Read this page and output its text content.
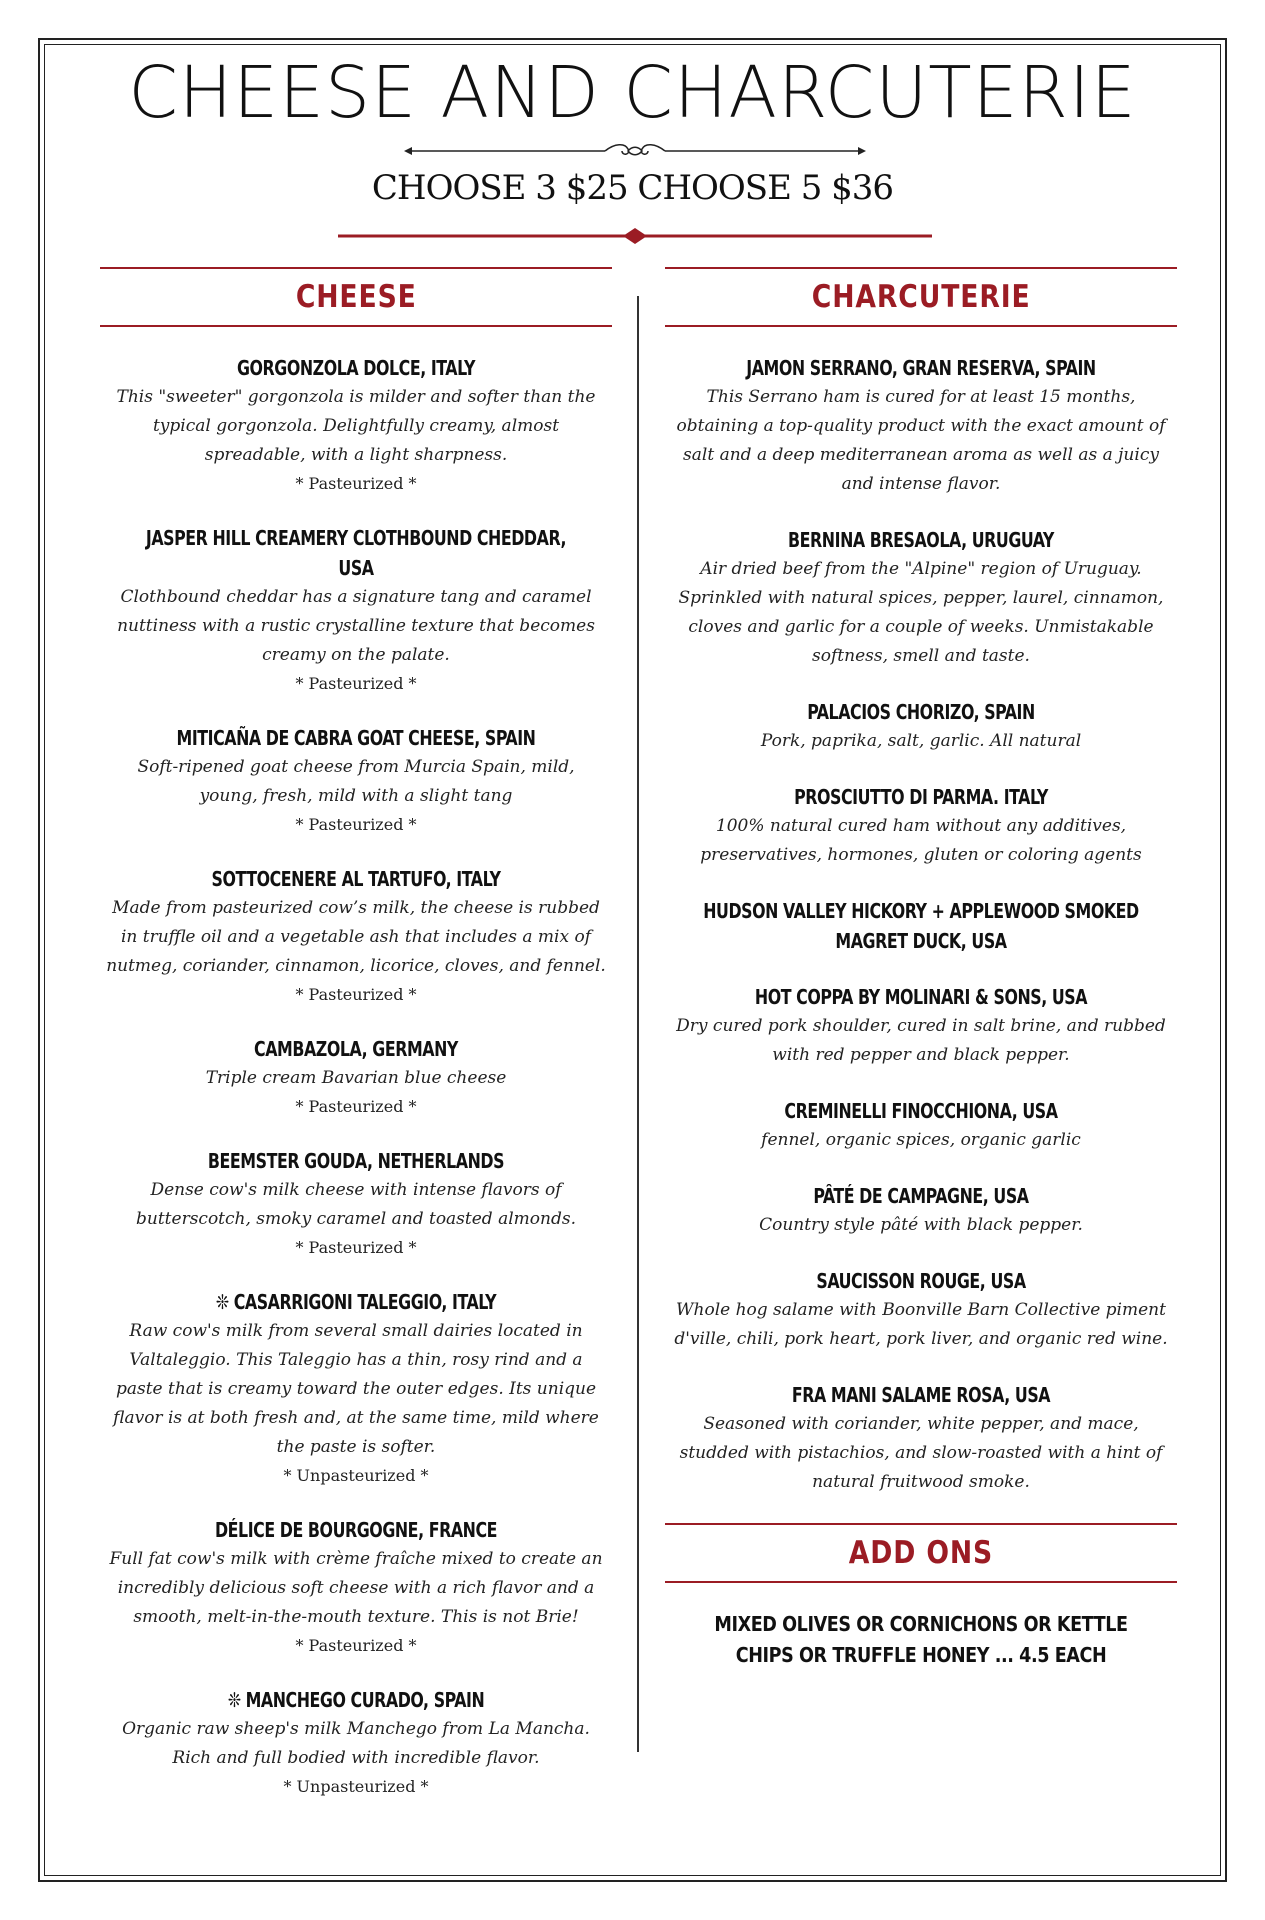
CHEESE AND CHARCUTERIE
CHOOSE 3 $25 CHOOSE 5 $36
CHEESE
GORGONZOLA DOLCE, ITALY
This "sweeter" gorgonzola is milder and softer than the typical gorgonzola. Delightfully creamy, almost spreadable, with a light sharpness.
* Pasteurized *
JASPER HILL CREAMERY CLOTHBOUND CHEDDAR, USA
Clothbound cheddar has a signature tang and caramel nuttiness with a rustic crystalline texture that becomes creamy on the palate.
* Pasteurized *
MITICAÑA DE CABRA GOAT CHEESE, SPAIN
Soft-ripened goat cheese from Murcia Spain, mild, young, fresh, mild with a slight tang
* Pasteurized *
SOTTOCENERE AL TARTUFO, ITALY
Made from pasteurized cow’s milk, the cheese is rubbed in truffle oil and a vegetable ash that includes a mix of nutmeg, coriander, cinnamon, licorice, cloves, and fennel.
* Pasteurized *
CAMBAZOLA, GERMANY
Triple cream Bavarian blue cheese
* Pasteurized *
BEEMSTER GOUDA, NETHERLANDS
Dense cow's milk cheese with intense flavors of butterscotch, smoky caramel and toasted almonds.
* Pasteurized *
❊ CASARRIGONI TALEGGIO, ITALY
Raw cow's milk from several small dairies located in Valtaleggio. This Taleggio has a thin, rosy rind and a paste that is creamy toward the outer edges. Its unique flavor is at both fresh and, at the same time, mild where the paste is softer.
* Unpasteurized *
DÉLICE DE BOURGOGNE, FRANCE
Full fat cow's milk with crème fraîche mixed to create an incredibly delicious soft cheese with a rich flavor and a smooth, melt-in-the-mouth texture. This is not Brie!
* Pasteurized *
❊ MANCHEGO CURADO, SPAIN
Organic raw sheep's milk Manchego from La Mancha. Rich and full bodied with incredible flavor.
* Unpasteurized *
CHARCUTERIE
JAMON SERRANO, GRAN RESERVA, SPAIN
This Serrano ham is cured for at least 15 months, obtaining a top-quality product with the exact amount of salt and a deep mediterranean aroma as well as a juicy and intense flavor.
BERNINA BRESAOLA, URUGUAY
Air dried beef from the "Alpine" region of Uruguay. Sprinkled with natural spices, pepper, laurel, cinnamon, cloves and garlic for a couple of weeks. Unmistakable softness, smell and taste.
PALACIOS CHORIZO, SPAIN
Pork, paprika, salt, garlic. All natural
PROSCIUTTO DI PARMA. ITALY
100% natural cured ham without any additives, preservatives, hormones, gluten or coloring agents
HUDSON VALLEY HICKORY + APPLEWOOD SMOKED MAGRET DUCK, USA
HOT COPPA BY MOLINARI & SONS, USA
Dry cured pork shoulder, cured in salt brine, and rubbed with red pepper and black pepper.
CREMINELLI FINOCCHIONA, USA
fennel, organic spices, organic garlic
PÂTÉ DE CAMPAGNE, USA
Country style pâté with black pepper.
SAUCISSON ROUGE, USA
Whole hog salame with Boonville Barn Collective piment d'ville, chili, pork heart, pork liver, and organic red wine.
FRA MANI SALAME ROSA, USA
Seasoned with coriander, white pepper, and mace, studded with pistachios, and slow-roasted with a hint of natural fruitwood smoke.
ADD ONS
MIXED OLIVES OR CORNICHONS OR KETTLE CHIPS OR TRUFFLE HONEY ... 4.5 EACH
